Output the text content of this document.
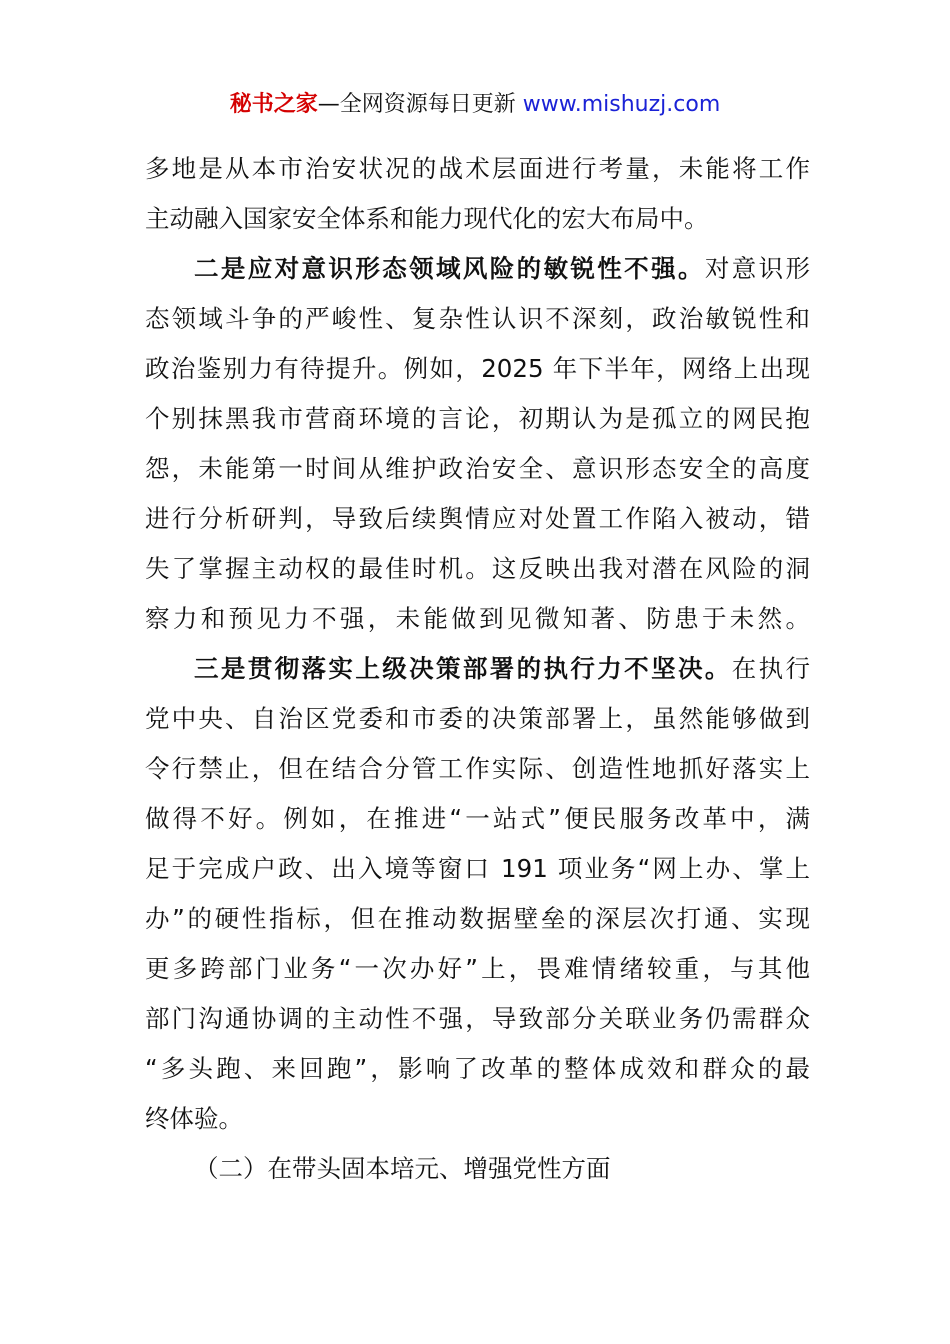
秘书之家—全网资源每日更新 www.mishuzj.com
多地是从本市治安状况的战术层面进行考量，未能将工作
主动融入国家安全体系和能力现代化的宏大布局中。
二是应对意识形态领域风险的敏锐性不强。对意识形
态领域斗争的严峻性、复杂性认识不深刻，政治敏锐性和
政治鉴别力有待提升。例如，2025 年下半年，网络上出现
个别抹黑我市营商环境的言论，初期认为是孤立的网民抱
怨，未能第一时间从维护政治安全、意识形态安全的高度
进行分析研判，导致后续舆情应对处置工作陷入被动，错
失了掌握主动权的最佳时机。这反映出我对潜在风险的洞
察力和预见力不强，未能做到见微知著、防患于未然。
三是贯彻落实上级决策部署的执行力不坚决。在执行
党中央、自治区党委和市委的决策部署上，虽然能够做到
令行禁止，但在结合分管工作实际、创造性地抓好落实上
做得不好。例如，在推进“一站式”便民服务改革中，满
足于完成户政、出入境等窗口 191 项业务“网上办、掌上
办”的硬性指标，但在推动数据壁垒的深层次打通、实现
更多跨部门业务“一次办好”上，畏难情绪较重，与其他
部门沟通协调的主动性不强，导致部分关联业务仍需群众
“多头跑、来回跑”，影响了改革的整体成效和群众的最
终体验。
（二）在带头固本培元、增强党性方面
